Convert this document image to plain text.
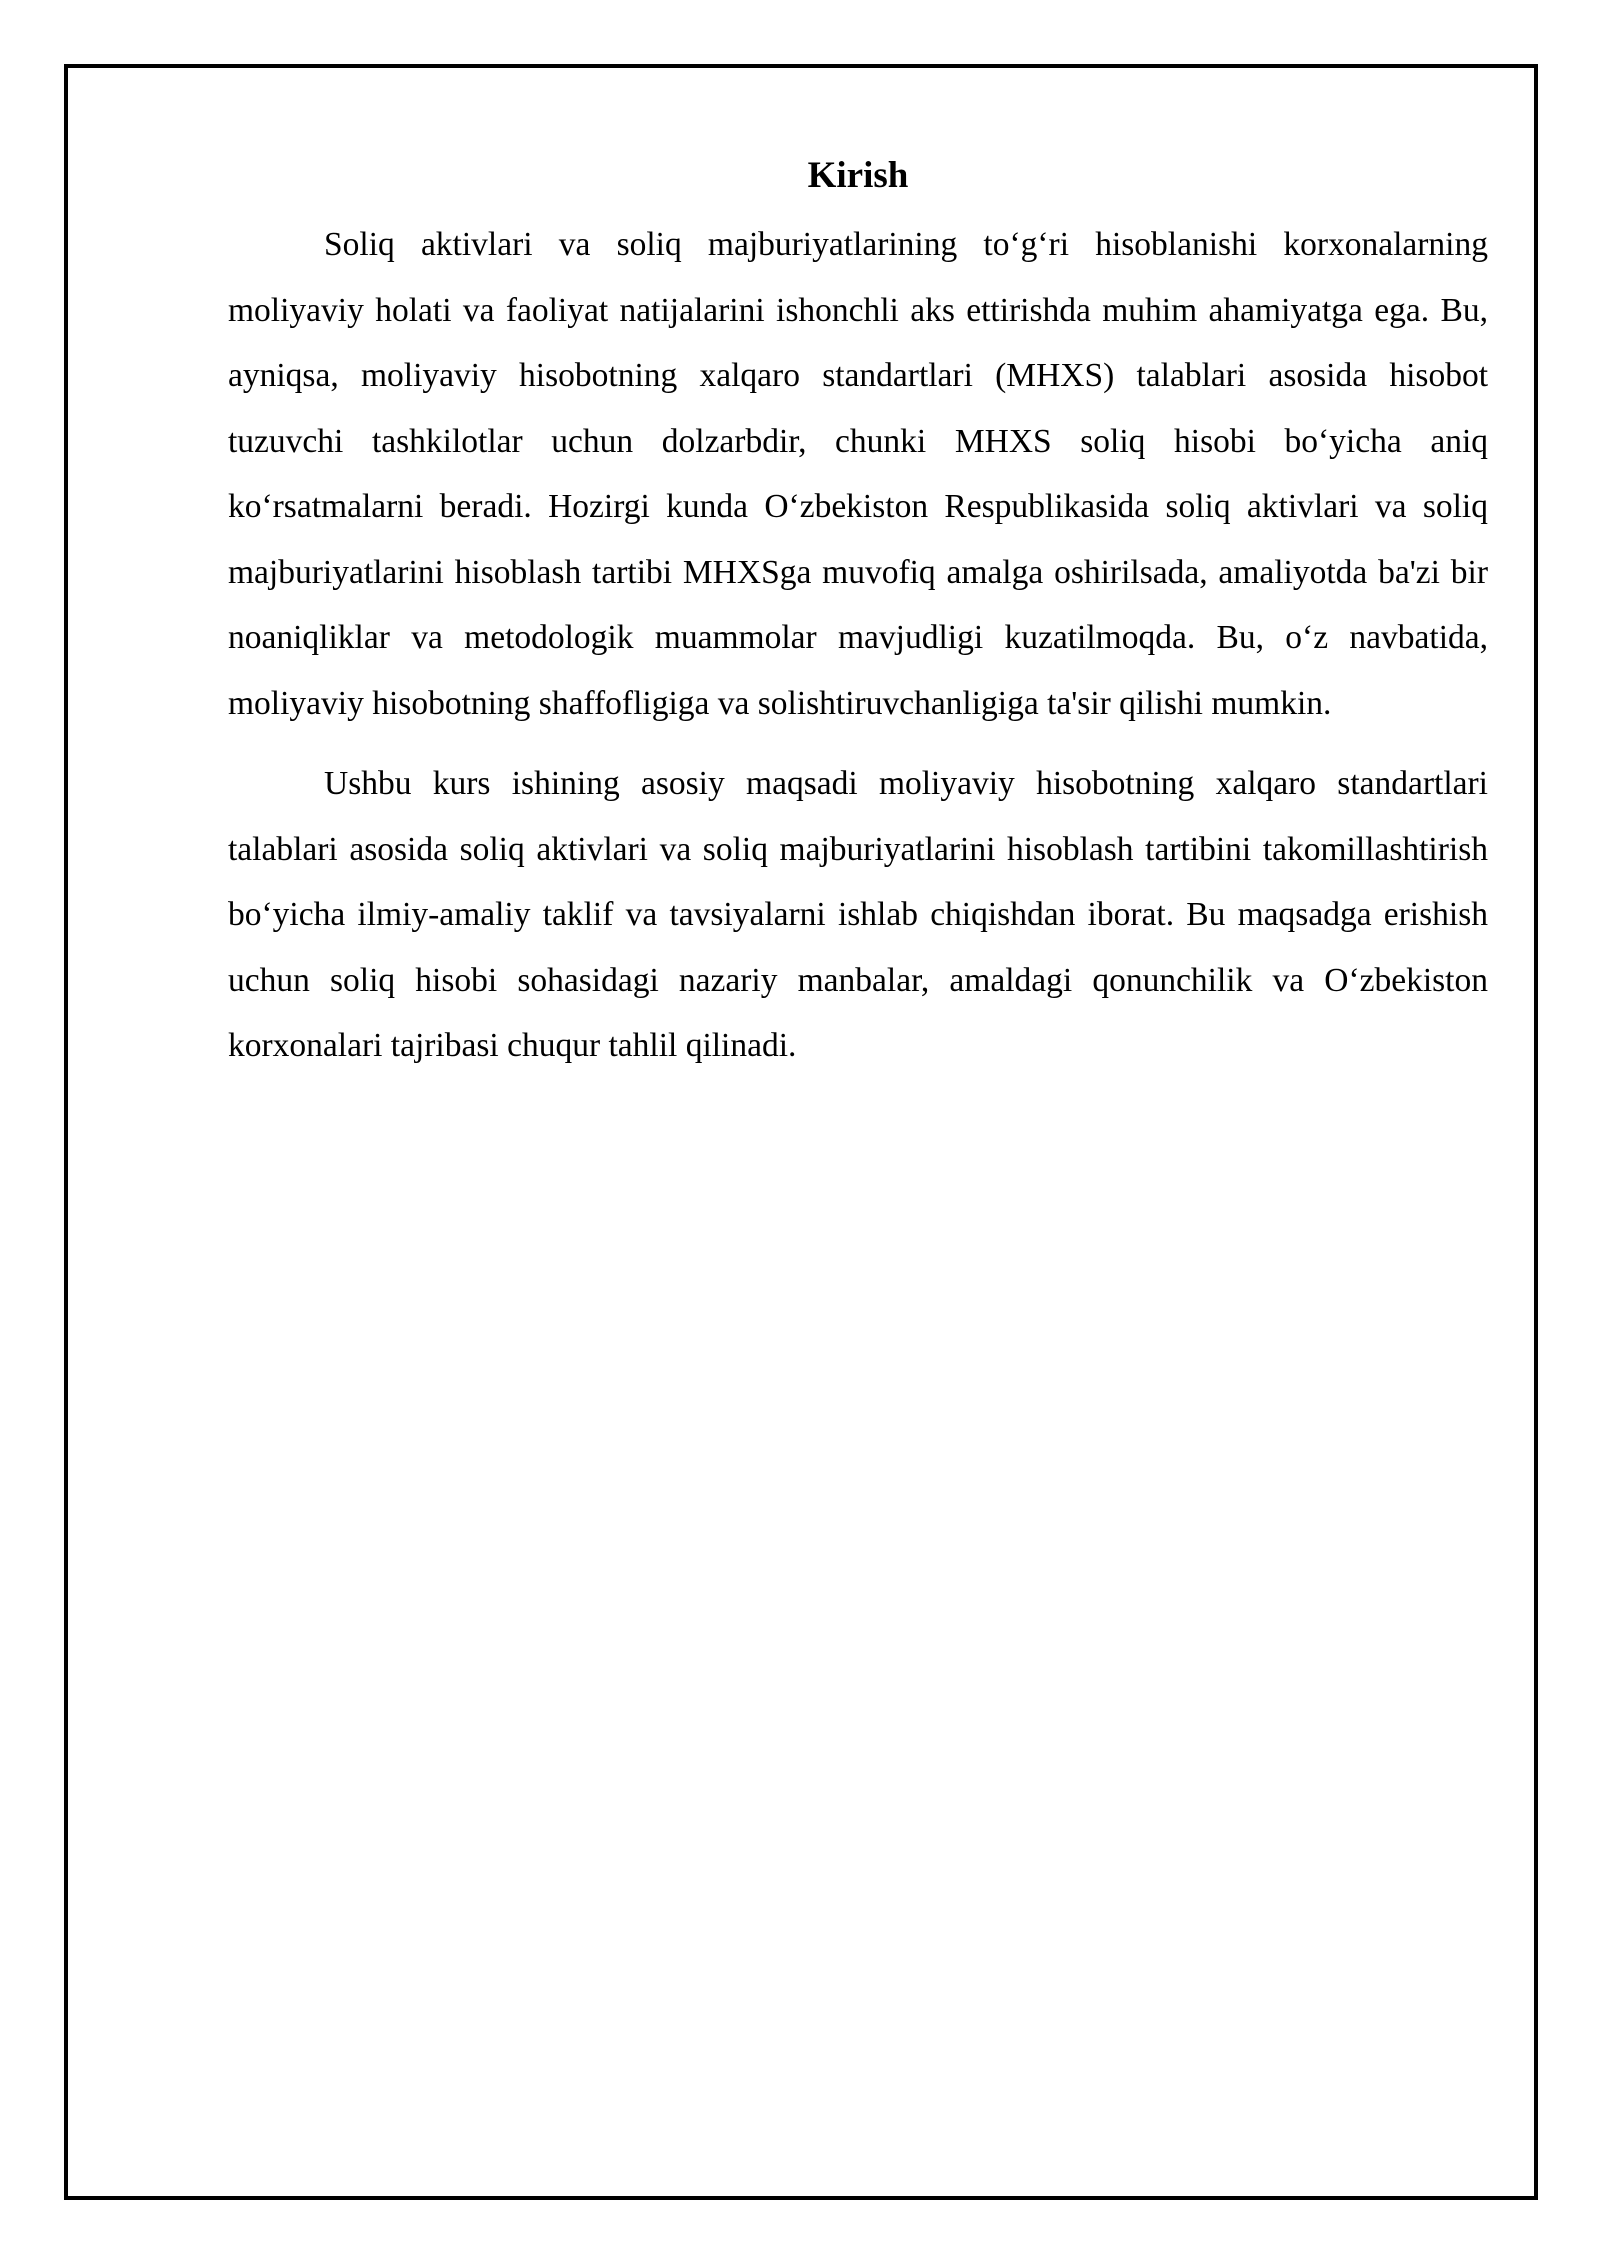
Kirish

Soliq aktivlari va soliq majburiyatlarining to‘g‘ri hisoblanishi korxonalarning moliyaviy holati va faoliyat natijalarini ishonchli aks ettirishda muhim ahamiyatga ega. Bu, ayniqsa, moliyaviy hisobotning xalqaro standartlari (MHXS) talablari asosida hisobot tuzuvchi tashkilotlar uchun dolzarbdir, chunki MHXS soliq hisobi bo‘yicha aniq ko‘rsatmalarni beradi. Hozirgi kunda O‘zbekiston Respublikasida soliq aktivlari va soliq majburiyatlarini hisoblash tartibi MHXSga muvofiq amalga oshirilsada, amaliyotda ba'zi bir noaniqliklar va metodologik muammolar mavjudligi kuzatilmoqda. Bu, o‘z navbatida, moliyaviy hisobotning shaffofligiga va solishtiruvchanligiga ta'sir qilishi mumkin.

Ushbu kurs ishining asosiy maqsadi moliyaviy hisobotning xalqaro standartlari talablari asosida soliq aktivlari va soliq majburiyatlarini hisoblash tartibini takomillashtirish bo‘yicha ilmiy-amaliy taklif va tavsiyalarni ishlab chiqishdan iborat. Bu maqsadga erishish uchun soliq hisobi sohasidagi nazariy manbalar, amaldagi qonunchilik va O‘zbekiston korxonalari tajribasi chuqur tahlil qilinadi.
